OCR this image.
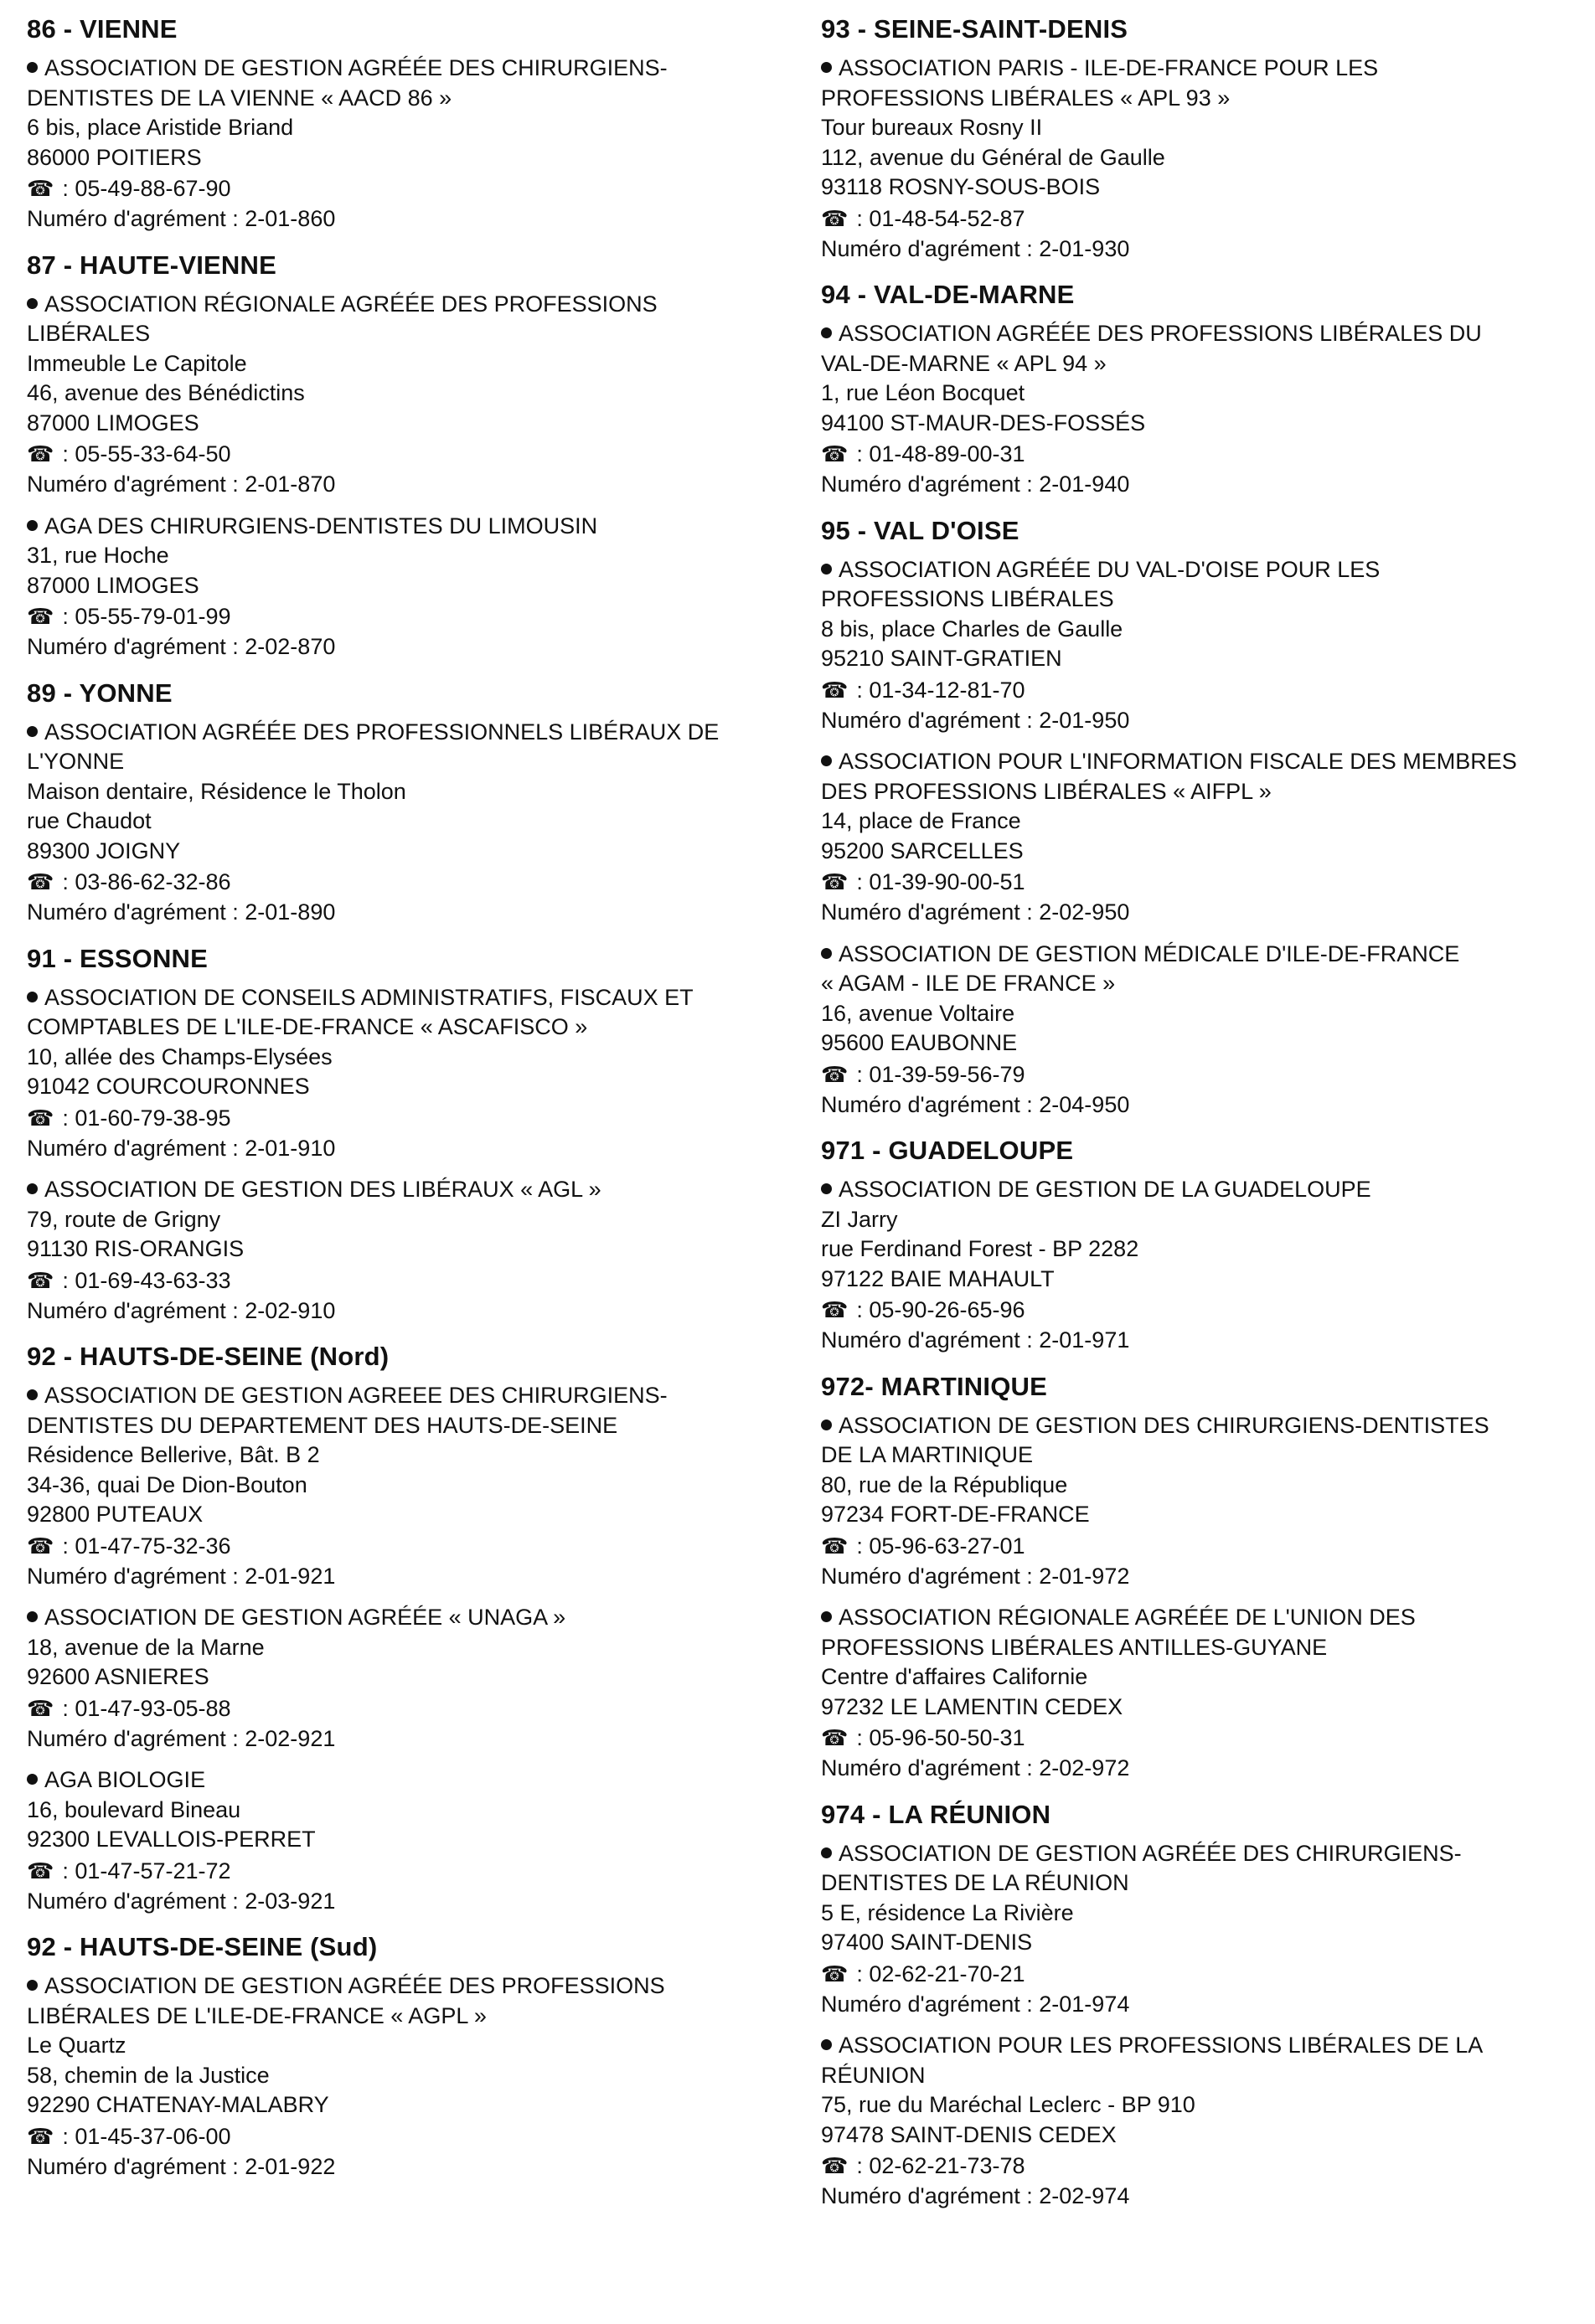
86 - VIENNE
ASSOCIATION DE GESTION AGRÉÉE DES CHIRURGIENS-
DENTISTES DE LA VIENNE « AACD 86 »
6 bis, place Aristide Briand
86000 POITIERS
☎ : 05-49-88-67-90
Numéro d'agrément : 2-01-860
87 - HAUTE-VIENNE
ASSOCIATION RÉGIONALE AGRÉÉE DES PROFESSIONS
LIBÉRALES
Immeuble Le Capitole
46, avenue des Bénédictins
87000 LIMOGES
☎ : 05-55-33-64-50
Numéro d'agrément : 2-01-870
AGA DES CHIRURGIENS-DENTISTES DU LIMOUSIN
31, rue Hoche
87000 LIMOGES
☎ : 05-55-79-01-99
Numéro d'agrément : 2-02-870
89 - YONNE
ASSOCIATION AGRÉÉE DES PROFESSIONNELS LIBÉRAUX DE
L'YONNE
Maison dentaire, Résidence le Tholon
rue Chaudot
89300 JOIGNY
☎ : 03-86-62-32-86
Numéro d'agrément : 2-01-890
91 - ESSONNE
ASSOCIATION DE CONSEILS ADMINISTRATIFS, FISCAUX ET
COMPTABLES DE L'ILE-DE-FRANCE « ASCAFISCO »
10, allée des Champs-Elysées
91042 COURCOURONNES
☎ : 01-60-79-38-95
Numéro d'agrément : 2-01-910
ASSOCIATION DE GESTION DES LIBÉRAUX « AGL »
79, route de Grigny
91130 RIS-ORANGIS
☎ : 01-69-43-63-33
Numéro d'agrément : 2-02-910
92 - HAUTS-DE-SEINE (Nord)
ASSOCIATION DE GESTION AGREEE DES CHIRURGIENS-
DENTISTES DU DEPARTEMENT DES HAUTS-DE-SEINE
Résidence Bellerive, Bât. B 2
34-36, quai De Dion-Bouton
92800 PUTEAUX
☎ : 01-47-75-32-36
Numéro d'agrément : 2-01-921
ASSOCIATION DE GESTION AGRÉÉE « UNAGA »
18, avenue de la Marne
92600 ASNIERES
☎ : 01-47-93-05-88
Numéro d'agrément : 2-02-921
AGA BIOLOGIE
16, boulevard Bineau
92300 LEVALLOIS-PERRET
☎ : 01-47-57-21-72
Numéro d'agrément : 2-03-921
92 - HAUTS-DE-SEINE (Sud)
ASSOCIATION DE GESTION AGRÉÉE DES PROFESSIONS
LIBÉRALES DE L'ILE-DE-FRANCE « AGPL »
Le Quartz
58, chemin de la Justice
92290 CHATENAY-MALABRY
☎ : 01-45-37-06-00
Numéro d'agrément : 2-01-922
93 - SEINE-SAINT-DENIS
ASSOCIATION PARIS - ILE-DE-FRANCE POUR LES
PROFESSIONS LIBÉRALES « APL 93 »
Tour bureaux Rosny II
112, avenue du Général de Gaulle
93118 ROSNY-SOUS-BOIS
☎ : 01-48-54-52-87
Numéro d'agrément : 2-01-930
94 - VAL-DE-MARNE
ASSOCIATION AGRÉÉE DES PROFESSIONS LIBÉRALES DU
VAL-DE-MARNE « APL 94 »
1, rue Léon Bocquet
94100 ST-MAUR-DES-FOSSÉS
☎ : 01-48-89-00-31
Numéro d'agrément : 2-01-940
95 - VAL D'OISE
ASSOCIATION AGRÉÉE DU VAL-D'OISE POUR LES
PROFESSIONS LIBÉRALES
8 bis, place Charles de Gaulle
95210 SAINT-GRATIEN
☎ : 01-34-12-81-70
Numéro d'agrément : 2-01-950
ASSOCIATION POUR L'INFORMATION FISCALE DES MEMBRES
DES PROFESSIONS LIBÉRALES « AIFPL »
14, place de France
95200 SARCELLES
☎ : 01-39-90-00-51
Numéro d'agrément : 2-02-950
ASSOCIATION DE GESTION MÉDICALE D'ILE-DE-FRANCE
« AGAM - ILE DE FRANCE »
16, avenue Voltaire
95600 EAUBONNE
☎ : 01-39-59-56-79
Numéro d'agrément : 2-04-950
971 - GUADELOUPE
ASSOCIATION DE GESTION DE LA GUADELOUPE
ZI Jarry
rue Ferdinand Forest - BP 2282
97122 BAIE MAHAULT
☎ : 05-90-26-65-96
Numéro d'agrément : 2-01-971
972- MARTINIQUE
ASSOCIATION DE GESTION DES CHIRURGIENS-DENTISTES
DE LA MARTINIQUE
80, rue de la République
97234 FORT-DE-FRANCE
☎ : 05-96-63-27-01
Numéro d'agrément : 2-01-972
ASSOCIATION RÉGIONALE AGRÉÉE DE L'UNION DES
PROFESSIONS LIBÉRALES ANTILLES-GUYANE
Centre d'affaires Californie
97232 LE LAMENTIN CEDEX
☎ : 05-96-50-50-31
Numéro d'agrément : 2-02-972
974 - LA RÉUNION
ASSOCIATION DE GESTION AGRÉÉE DES CHIRURGIENS-
DENTISTES DE LA RÉUNION
5 E, résidence La Rivière
97400 SAINT-DENIS
☎ : 02-62-21-70-21
Numéro d'agrément : 2-01-974
ASSOCIATION POUR LES PROFESSIONS LIBÉRALES DE LA
RÉUNION
75, rue du Maréchal Leclerc - BP 910
97478 SAINT-DENIS CEDEX
☎ : 02-62-21-73-78
Numéro d'agrément : 2-02-974
